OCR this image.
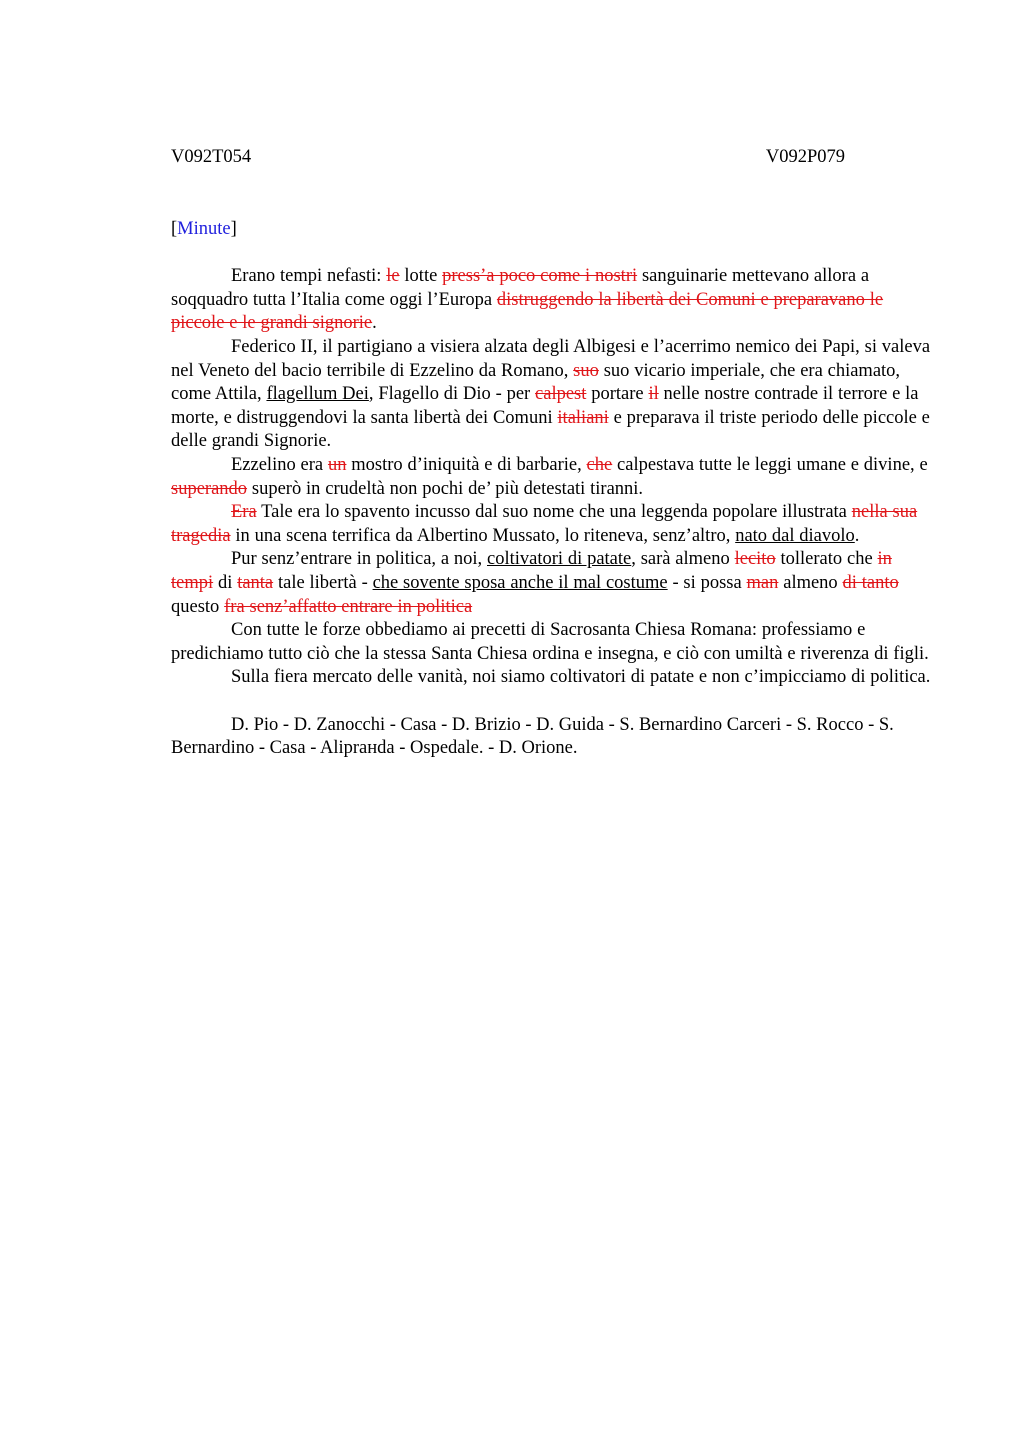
V092T054	V092P079
[Minute]

Erano tempi nefasti: le lotte press’a poco come i nostri sanguinarie mettevano allora a soqquadro tutta l’Italia come oggi l’Europa distruggendo la libertà dei Comuni e preparavano le piccole e le grandi signorie.

Federico II, il partigiano a visiera alzata degli Albigesi e l’acerrimo nemico dei Papi, si valeva nel Veneto del bacio terribile di Ezzelino da Romano, suo suo vicario imperiale, che era chiamato, come Attila, flagellum Dei, Flagello di Dio - per calpest portare il nelle nostre contrade il terrore e la morte, e distruggendovi la santa libertà dei Comuni italiani e preparava il triste periodo delle piccole e delle grandi Signorie.

Ezzelino era un mostro d’iniquità e di barbarie, che calpestava tutte le leggi umane e divine, e superando superò in crudeltà non pochi de’ più detestati tiranni.

Era Tale era lo spavento incusso dal suo nome che una leggenda popolare illustrata nella sua tragedia in una scena terrifica da Albertino Mussato, lo riteneva, senz’altro, nato dal diavolo.

Pur senz’entrare in politica, a noi, coltivatori di patate, sarà almeno lecito tollerato che in tempi di tanta tale libertà - che sovente sposa anche il mal costume - si possa man almeno di tanto questo fra senz’affatto entrare in politica

Con tutte le forze obbediamo ai precetti di Sacrosanta Chiesa Romana: professiamo e predichiamo tutto ciò che la stessa Santa Chiesa ordina e insegna, e ciò con umiltà e riverenza di figli.

Sulla fiera mercato delle vanità, noi siamo coltivatori di patate e non c’impicciamo di politica.

D. Pio - D. Zanocchi - Casa - D. Brizio - D. Guida - S. Bernardino Carceri - S. Rocco - S. Bernardino - Casa - Aliprанda - Ospedale. - D. Orione.
